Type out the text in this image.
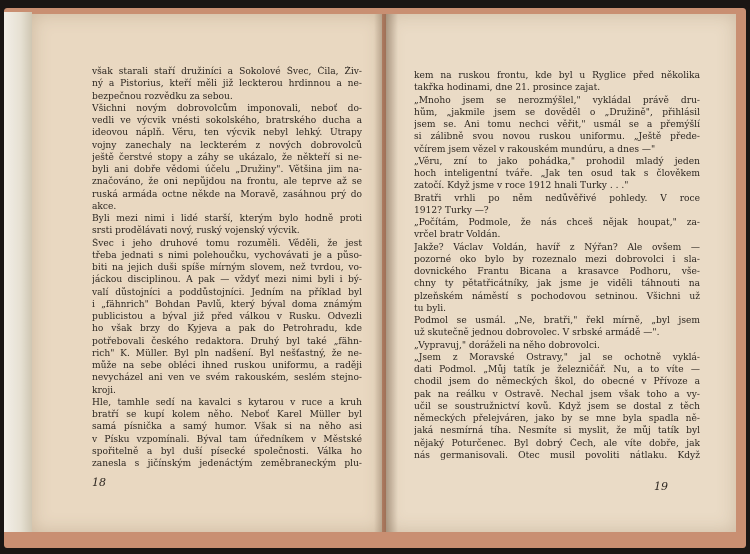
však starali staří družiníci a Sokolové Švec, Čila, Živ-
ný a Pistorius, kteří měli již leckterou hrdinnou a ne-
bezpečnou rozvědku za sebou.
Všichni novým dobrovolcům imponovali, neboť do-
vedli ve výcvik vnésti sokolského, bratrského ducha a
ideovou náplň. Věru, ten výcvik nebyl lehký. Útrapy
vojny zanechaly na leckterém z nových dobrovolců
ještě čerstvé stopy a záhy se ukázalo, že někteří si ne-
byli ani dobře vědomi účelu „Družiny". Většina jim na-
značováno, že oni nepůjdou na frontu, ale teprve až se
ruská armáda octne někde na Moravě, zasáhnou prý do
akce.
Byli mezi nimi i lidé starší, kterým bylo hodně proti
srsti prodělávati nový, ruský vojenský výcvik.
Švec i jeho druhové tomu rozuměli. Věděli, že jest
třeba jednati s nimi polehoučku, vychovávati je a půso-
biti na jejich duši spíše mírným slovem, než tvrdou, vo-
jáckou disciplinou. A pak — vždyť mezi nimi byli i bý-
valí důstojníci a poddůstojníci. Jedním na příklad byl
i „fähnrich" Bohdan Pavlů, který býval doma známým
publicistou a býval již před válkou v Rusku. Odvezli
ho však brzy do Kyjeva a pak do Petrohradu, kde
potřebovali českého redaktora. Druhý byl také „fähn-
rich" K. Müller. Byl pln nadšení. Byl nešťastný, že ne-
může na sebe obléci ihned ruskou uniformu, a raději
nevycházel ani ven ve svém rakouském, seslém stejno-
kroji.
Hle, tamhle sedí na kavalci s kytarou v ruce a kruh
bratří se kupí kolem něho. Neboť Karel Müller byl
samá písnička a samý humor. Však si na něho asi
v Písku vzpomínali. Býval tam úředníkem v Městské
spořitelně a byl duší písecké společnosti. Válka ho
zanesla s jičínským jedenáctým zeměbraneckým plu-
18
kem na ruskou frontu, kde byl u Ryglice před několika
takřka hodinami, dne 21. prosince zajat.
„Mnoho jsem se nerozmýšlel," vykládal právě dru-
hům, „jakmile jsem se dověděl o „Družině", přihlásil
jsem se. Ani tomu nechci věřit," usmál se a přemýšlí
si zálibně svou novou ruskou uniformu. „Ještě přede-
včírem jsem vězel v rakouském mundúru, a dnes —"
„Věru, zní to jako pohádka," prohodil mladý jeden
hoch inteligentní tváře. „Jak ten osud tak s člověkem
zatočí. Když jsme v roce 1912 hnali Turky . . ."
Bratři vrhli po něm nedůvěřivé pohledy. V roce
1912? Turky —?
„Počítám, Podmole, že nás chceš nějak houpat," za-
vrčel bratr Voldán.
Jakže? Václav Voldán, havíř z Nýřan? Ale ovšem —
pozorné oko bylo by rozeznalo mezi dobrovolci i sla-
dovnického Frantu Bicana a krasavce Podhoru, vše-
chny ty pětatřicátníky, jak jsme je viděli táhnouti na
plzeňském náměstí s pochodovou setninou. Všichni už
tu byli.
Podmol se usmál. „Ne, bratři," řekl mírně, „byl jsem
už skutečně jednou dobrovolec. V srbské armádě —".
„Vypravuj," doráželi na něho dobrovolci.
„Jsem z Moravské Ostravy," jal se ochotně vyklá-
dati Podmol. „Můj tatík je železničář. Nu, a to víte —
chodil jsem do německých škol, do obecné v Přívoze a
pak na reálku v Ostravě. Nechal jsem však toho a vy-
učil se soustružnictví kovů. Když jsem se dostal z těch
německých přelejváren, jako by se mne byla spadla ně-
jaká nesmírná tíha. Nesmíte si myslit, že můj tatík byl
nějaký Poturčenec. Byl dobrý Čech, ale víte dobře, jak
nás germanisovali. Otec musil povoliti nátlaku. Když
19
